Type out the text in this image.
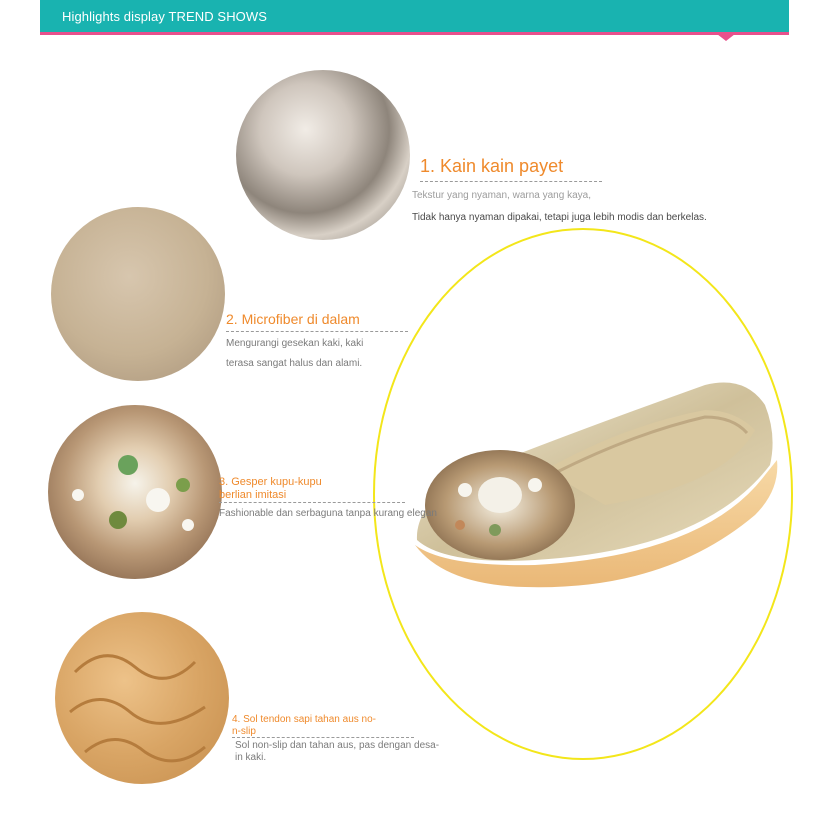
Highlights display TREND SHOWS
1. Kain kain payet
Tekstur yang nyaman, warna yang kaya,
Tidak hanya nyaman dipakai, tetapi juga lebih modis dan berkelas.
2. Microfiber di dalam
Mengurangi gesekan kaki, kaki
terasa sangat halus dan alami.
3. Gesper kupu-kupu
berlian imitasi
Fashionable dan serbaguna tanpa kurang elegan
4. Sol tendon sapi tahan aus no-
n-slip
Sol non-slip dan tahan aus, pas dengan desa-
in kaki.
